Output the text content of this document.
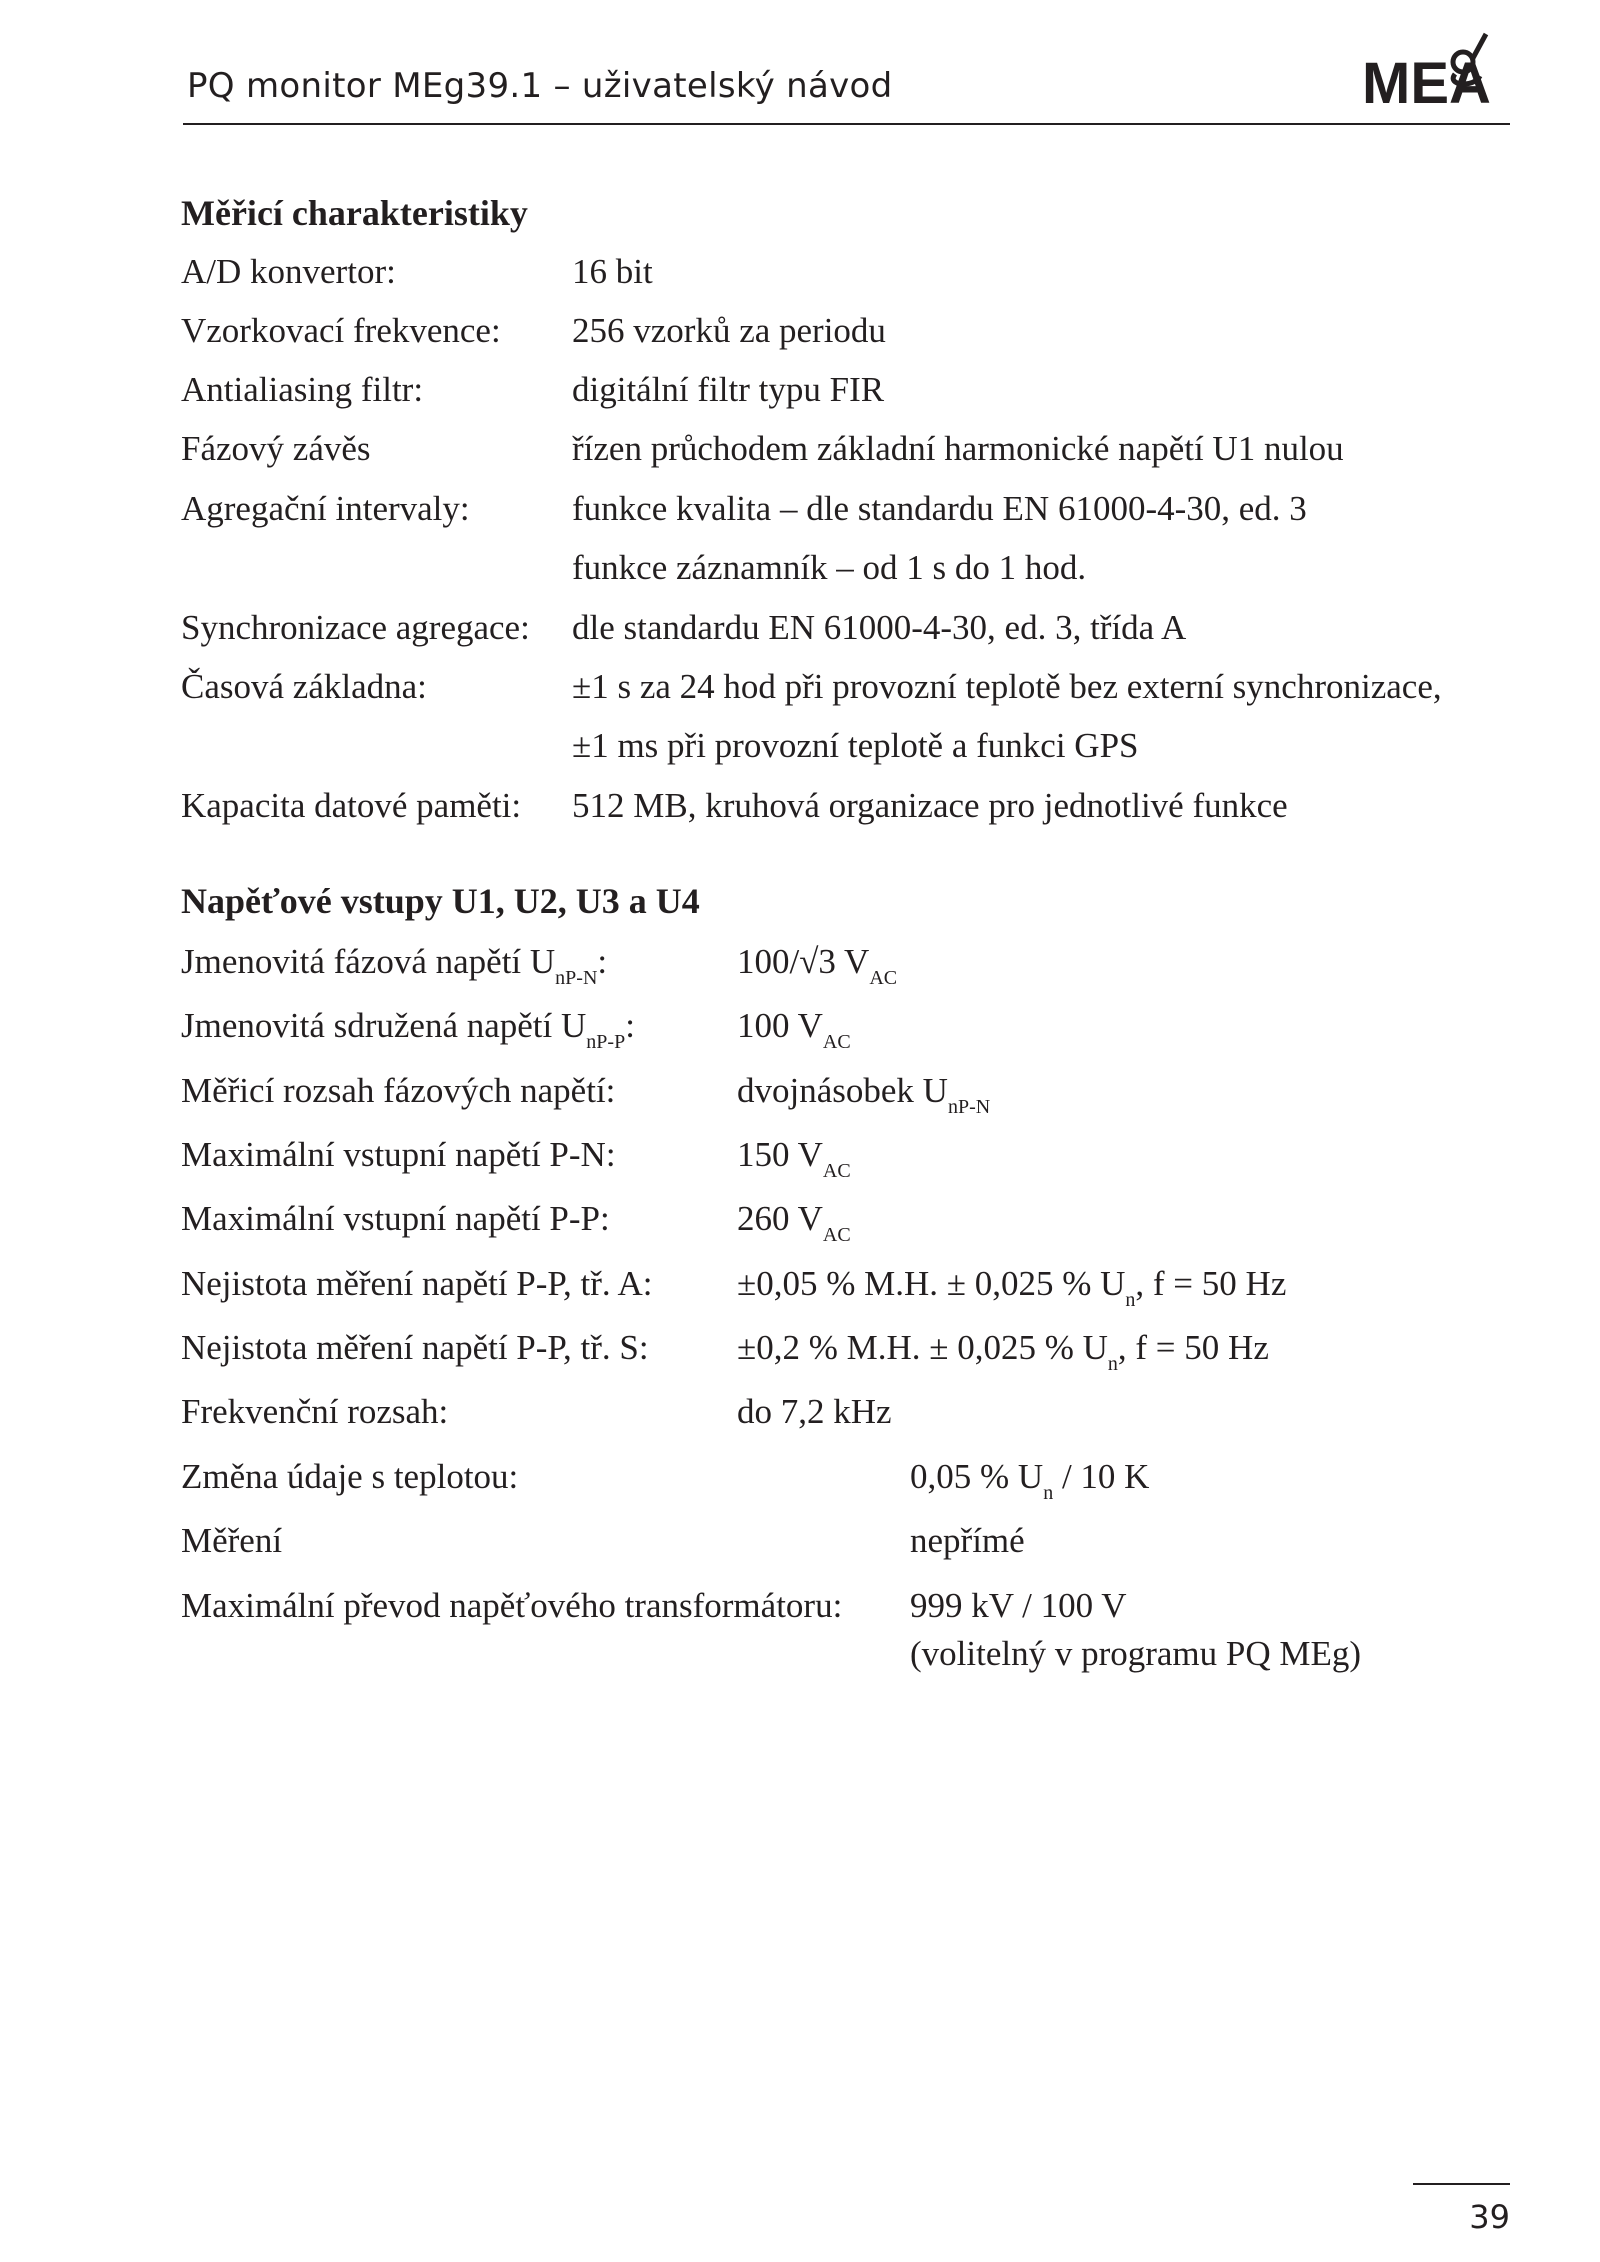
PQ monitor MEg39.1 – uživatelský návod	ME A
Měřicí charakteristiky
A/D konvertor:	16 bit
Vzorkovací frekvence: 256 vzorků za periodu
Antialiasing filtr:	digitální filtr typu FIR
Fázový závěs	řízen průchodem základní harmonické napětí U1 nulou
Agregační intervaly:	funkce kvalita – dle standardu EN 61000-4-30, ed. 3
funkce záznamník – od 1 s do 1 hod.
Synchronizace agregace: dle standardu EN 61000-4-30, ed. 3, třída A
Časová základna:	±1 s za 24 hod při provozní teplotě bez externí synchronizace,
±1 ms při provozní teplotě a funkci GPS
Kapacita datové paměti: 512 MB, kruhová organizace pro jednotlivé funkce
Napěťové vstupy U1, U2, U3 a U4
Jmenovitá fázová napětí $U_{nP-N}$:	100/√3 $V_{AC}$
Jmenovitá sdružená napětí $U_{nP-P}$:	100 $V_{AC}$
Měřicí rozsah fázových napětí:	dvojnásobek $U_{nP-N}$
Maximální vstupní napětí P-N:	150 $V_{AC}$
Maximální vstupní napětí P-P:	260 $V_{AC}$
Nejistota měření napětí P-P, tř. A: ±0,05 % M.H. ± 0,025 % $U_n$, f = 50 Hz
Nejistota měření napětí P-P, tř. S:	±0,2 % M.H. ± 0,025 % $U_n$, f = 50 Hz
Frekvenční rozsah:	do 7,2 kHz
Změna údaje s teplotou:	0,05 % $U_n / 10$ K
Měření	nepřímé
Maximální převod napěťového transformátoru: 999 kV / 100 V
(volitelný v programu PQ MEg)
39
